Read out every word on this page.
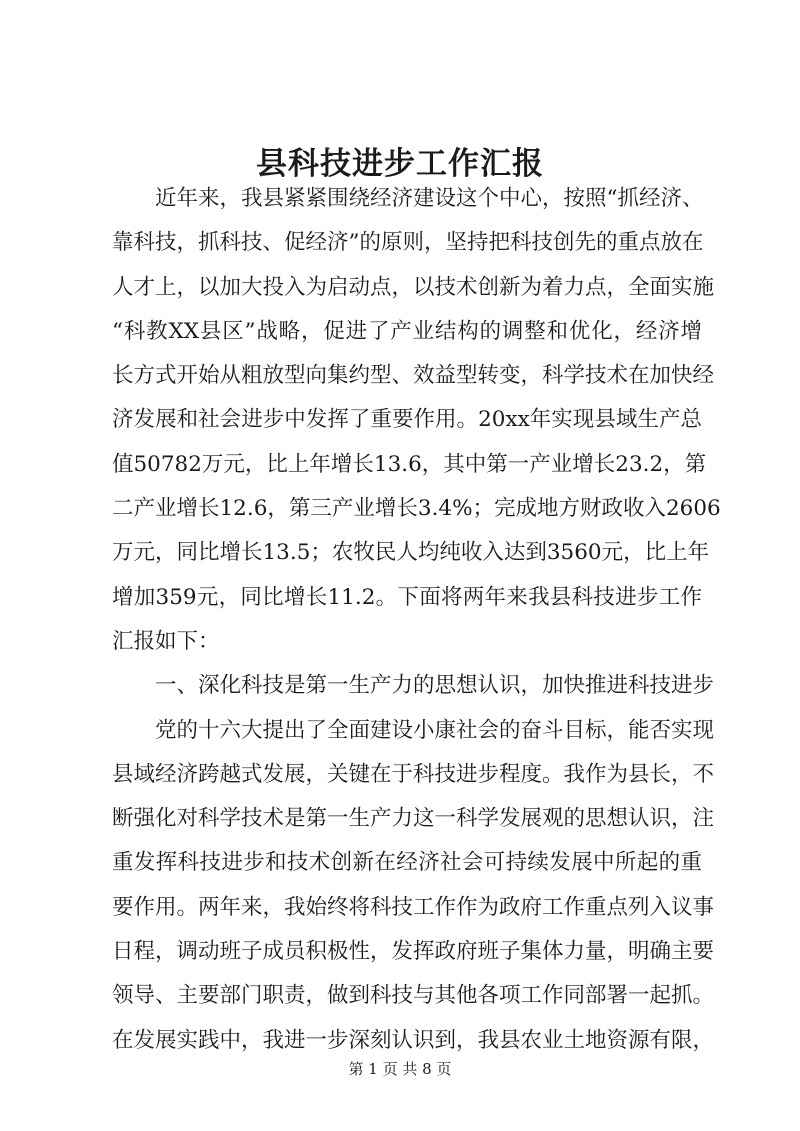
县科技进步工作汇报
近年来，我县紧紧围绕经济建设这个中心，按照“抓经济、
靠科技，抓科技、促经济”的原则，坚持把科技创先的重点放在
人才上，以加大投入为启动点，以技术创新为着力点，全面实施
“科教XX县区”战略，促进了产业结构的调整和优化，经济增
长方式开始从粗放型向集约型、效益型转变，科学技术在加快经
济发展和社会进步中发挥了重要作用。20xx年实现县域生产总
值50782万元，比上年增长13.6，其中第一产业增长23.2，第
二产业增长12.6，第三产业增长3.4%；完成地方财政收入2606
万元，同比增长13.5；农牧民人均纯收入达到3560元，比上年
增加359元，同比增长11.2。下面将两年来我县科技进步工作
汇报如下：
一、深化科技是第一生产力的思想认识，加快推进科技进步
党的十六大提出了全面建设小康社会的奋斗目标，能否实现
县域经济跨越式发展，关键在于科技进步程度。我作为县长，不
断强化对科学技术是第一生产力这一科学发展观的思想认识，注
重发挥科技进步和技术创新在经济社会可持续发展中所起的重
要作用。两年来，我始终将科技工作作为政府工作重点列入议事
日程，调动班子成员积极性，发挥政府班子集体力量，明确主要
领导、主要部门职责，做到科技与其他各项工作同部署一起抓。
在发展实践中，我进一步深刻认识到，我县农业土地资源有限，
第 1 页 共 8 页
